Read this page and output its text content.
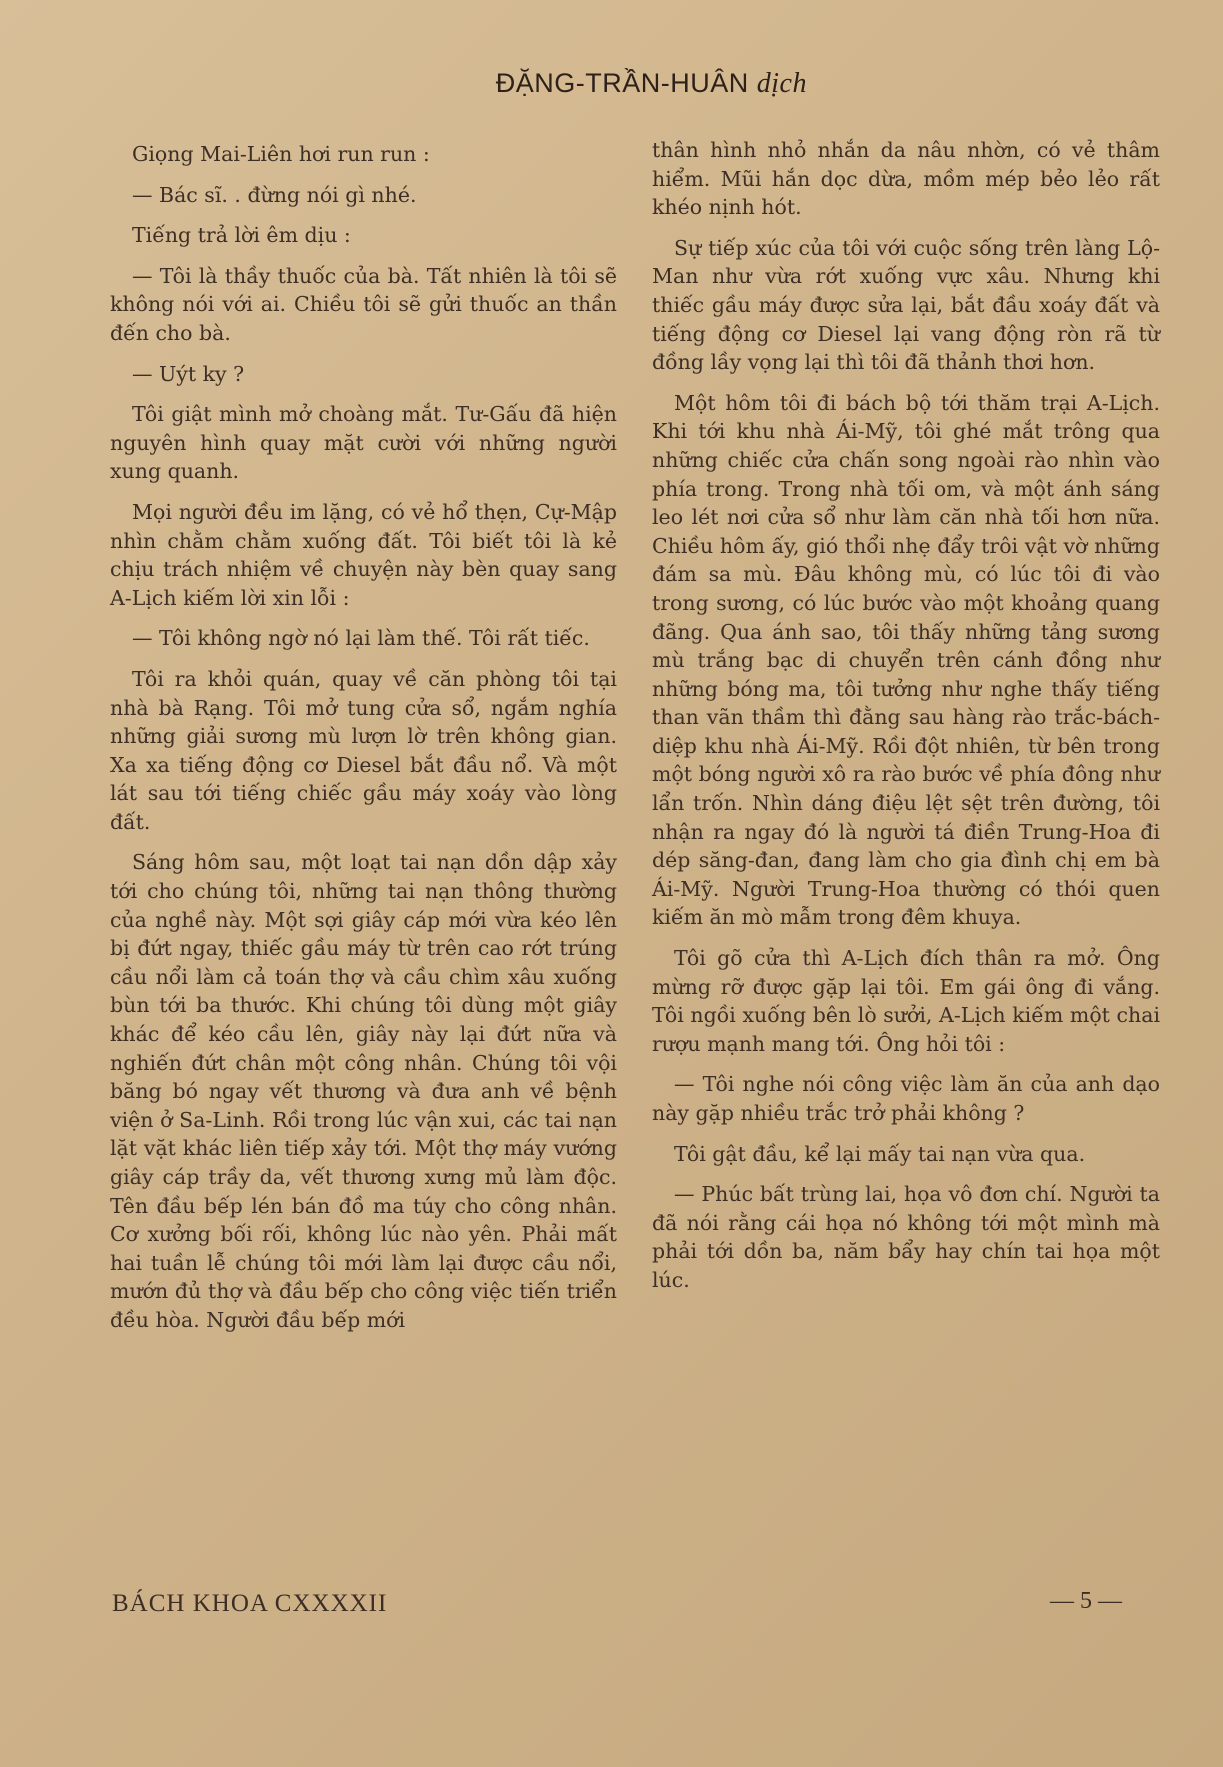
ĐẶNG-TRẦN-HUÂN dịch

Giọng Mai-Liên hơi run run :

— Bác sĩ. . đừng nói gì nhé.

Tiếng trả lời êm dịu :

— Tôi là thầy thuốc của bà. Tất nhiên là tôi sẽ không nói với ai. Chiều tôi sẽ gửi thuốc an thần đến cho bà.

— Uýt ky ?

Tôi giật mình mở choàng mắt. Tư-Gấu đã hiện nguyên hình quay mặt cười với những người xung quanh.

Mọi người đều im lặng, có vẻ hổ thẹn, Cự-Mập nhìn chằm chằm xuống đất. Tôi biết tôi là kẻ chịu trách nhiệm về chuyện này bèn quay sang A-Lịch kiếm lời xin lỗi :

— Tôi không ngờ nó lại làm thế. Tôi rất tiếc.

Tôi ra khỏi quán, quay về căn phòng tôi tại nhà bà Rạng. Tôi mở tung cửa sổ, ngắm nghía những giải sương mù lượn lờ trên không gian. Xa xa tiếng động cơ Diesel bắt đầu nổ. Và một lát sau tới tiếng chiếc gầu máy xoáy vào lòng đất.

Sáng hôm sau, một loạt tai nạn dồn dập xảy tới cho chúng tôi, những tai nạn thông thường của nghề này. Một sợi giây cáp mới vừa kéo lên bị đứt ngay, thiếc gầu máy từ trên cao rớt trúng cầu nổi làm cả toán thợ và cầu chìm xâu xuống bùn tới ba thước. Khi chúng tôi dùng một giây khác để kéo cầu lên, giây này lại đứt nữa và nghiến đứt chân một công nhân. Chúng tôi vội băng bó ngay vết thương và đưa anh về bệnh viện ở Sa-Linh. Rồi trong lúc vận xui, các tai nạn lặt vặt khác liên tiếp xảy tới. Một thợ máy vướng giây cáp trầy da, vết thương xưng mủ làm độc. Tên đầu bếp lén bán đồ ma túy cho công nhân. Cơ xưởng bối rối, không lúc nào yên. Phải mất hai tuần lễ chúng tôi mới làm lại được cầu nổi, mướn đủ thợ và đầu bếp cho công việc tiến triển đều hòa. Người đầu bếp mới

thân hình nhỏ nhắn da nâu nhờn, có vẻ thâm hiểm. Mũi hắn dọc dừa, mồm mép bẻo lẻo rất khéo nịnh hót.

Sự tiếp xúc của tôi với cuộc sống trên làng Lộ-Man như vừa rớt xuống vực xâu. Nhưng khi thiếc gầu máy được sửa lại, bắt đầu xoáy đất và tiếng động cơ Diesel lại vang động ròn rã từ đồng lầy vọng lại thì tôi đã thảnh thơi hơn.

Một hôm tôi đi bách bộ tới thăm trại A-Lịch. Khi tới khu nhà Ái-Mỹ, tôi ghé mắt trông qua những chiếc cửa chấn song ngoài rào nhìn vào phía trong. Trong nhà tối om, và một ánh sáng leo lét nơi cửa sổ như làm căn nhà tối hơn nữa. Chiều hôm ấy, gió thổi nhẹ đẩy trôi vật vờ những đám sa mù. Đâu không mù, có lúc tôi đi vào trong sương, có lúc bước vào một khoảng quang đãng. Qua ánh sao, tôi thấy những tảng sương mù trắng bạc di chuyển trên cánh đồng như những bóng ma, tôi tưởng như nghe thấy tiếng than vãn thầm thì đằng sau hàng rào trắc-bách-diệp khu nhà Ái-Mỹ. Rồi đột nhiên, từ bên trong một bóng người xô ra rào bước về phía đông như lẩn trốn. Nhìn dáng điệu lệt sệt trên đường, tôi nhận ra ngay đó là người tá điền Trung-Hoa đi dép săng-đan, đang làm cho gia đình chị em bà Ái-Mỹ. Người Trung-Hoa thường có thói quen kiếm ăn mò mẫm trong đêm khuya.

Tôi gõ cửa thì A-Lịch đích thân ra mở. Ông mừng rỡ được gặp lại tôi. Em gái ông đi vắng. Tôi ngồi xuống bên lò sưởi, A-Lịch kiếm một chai rượu mạnh mang tới. Ông hỏi tôi :

— Tôi nghe nói công việc làm ăn của anh dạo này gặp nhiều trắc trở phải không ?

Tôi gật đầu, kể lại mấy tai nạn vừa qua.

— Phúc bất trùng lai, họa vô đơn chí. Người ta đã nói rằng cái họa nó không tới một mình mà phải tới dồn ba, năm bẩy hay chín tai họa một lúc.

BÁCH KHOA CXXXXII	— 5 —
